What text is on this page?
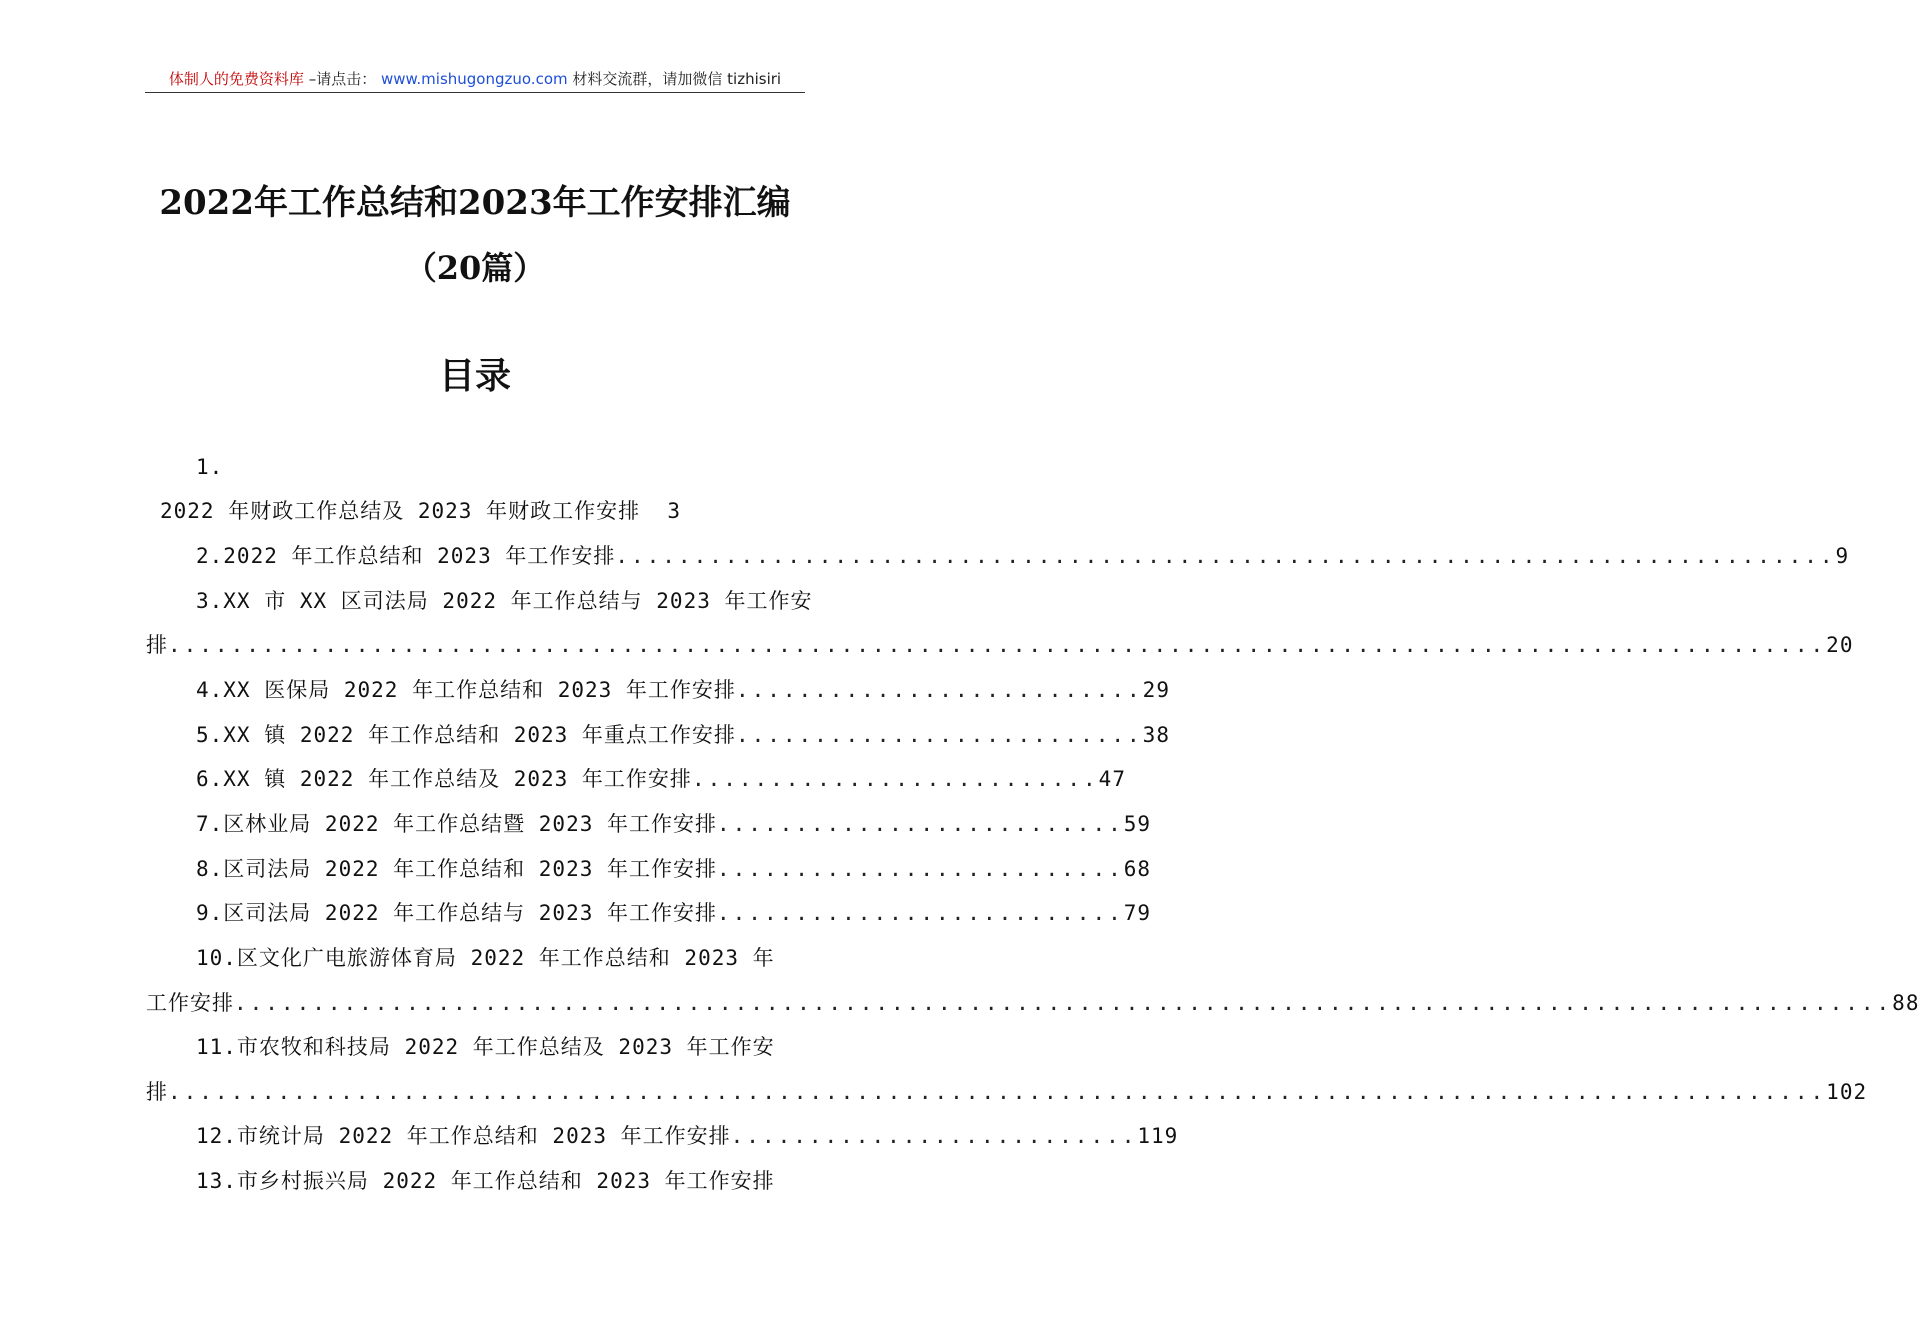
体制人的免费资料库 –请点击： www.mishugongzuo.com 材料交流群，请加微信 tizhisiri
2022年工作总结和2023年工作安排汇编
（20篇）
目录
1.
2022 年财政工作总结及 2023 年财政工作安排 3
2.2022 年工作总结和 2023 年工作安排 .............................................................................. 9
3.XX 市 XX 区司法局 2022 年工作总结与 2023 年工作安
排 .......................................................................................................... 20
4.XX 医保局 2022 年工作总结和 2023 年工作安排 .......................... 29
5.XX 镇 2022 年工作总结和 2023 年重点工作安排 .......................... 38
6.XX 镇 2022 年工作总结及 2023 年工作安排 .......................... 47
7.区林业局 2022 年工作总结暨 2023 年工作安排 .......................... 59
8.区司法局 2022 年工作总结和 2023 年工作安排 .......................... 68
9.区司法局 2022 年工作总结与 2023 年工作安排 .......................... 79
10.区文化广电旅游体育局 2022 年工作总结和 2023 年
工作安排 .......................................................................................................... 88
11.市农牧和科技局 2022 年工作总结及 2023 年工作安
排 .......................................................................................................... 102
12.市统计局 2022 年工作总结和 2023 年工作安排 .......................... 119
13.市乡村振兴局 2022 年工作总结和 2023 年工作安排
